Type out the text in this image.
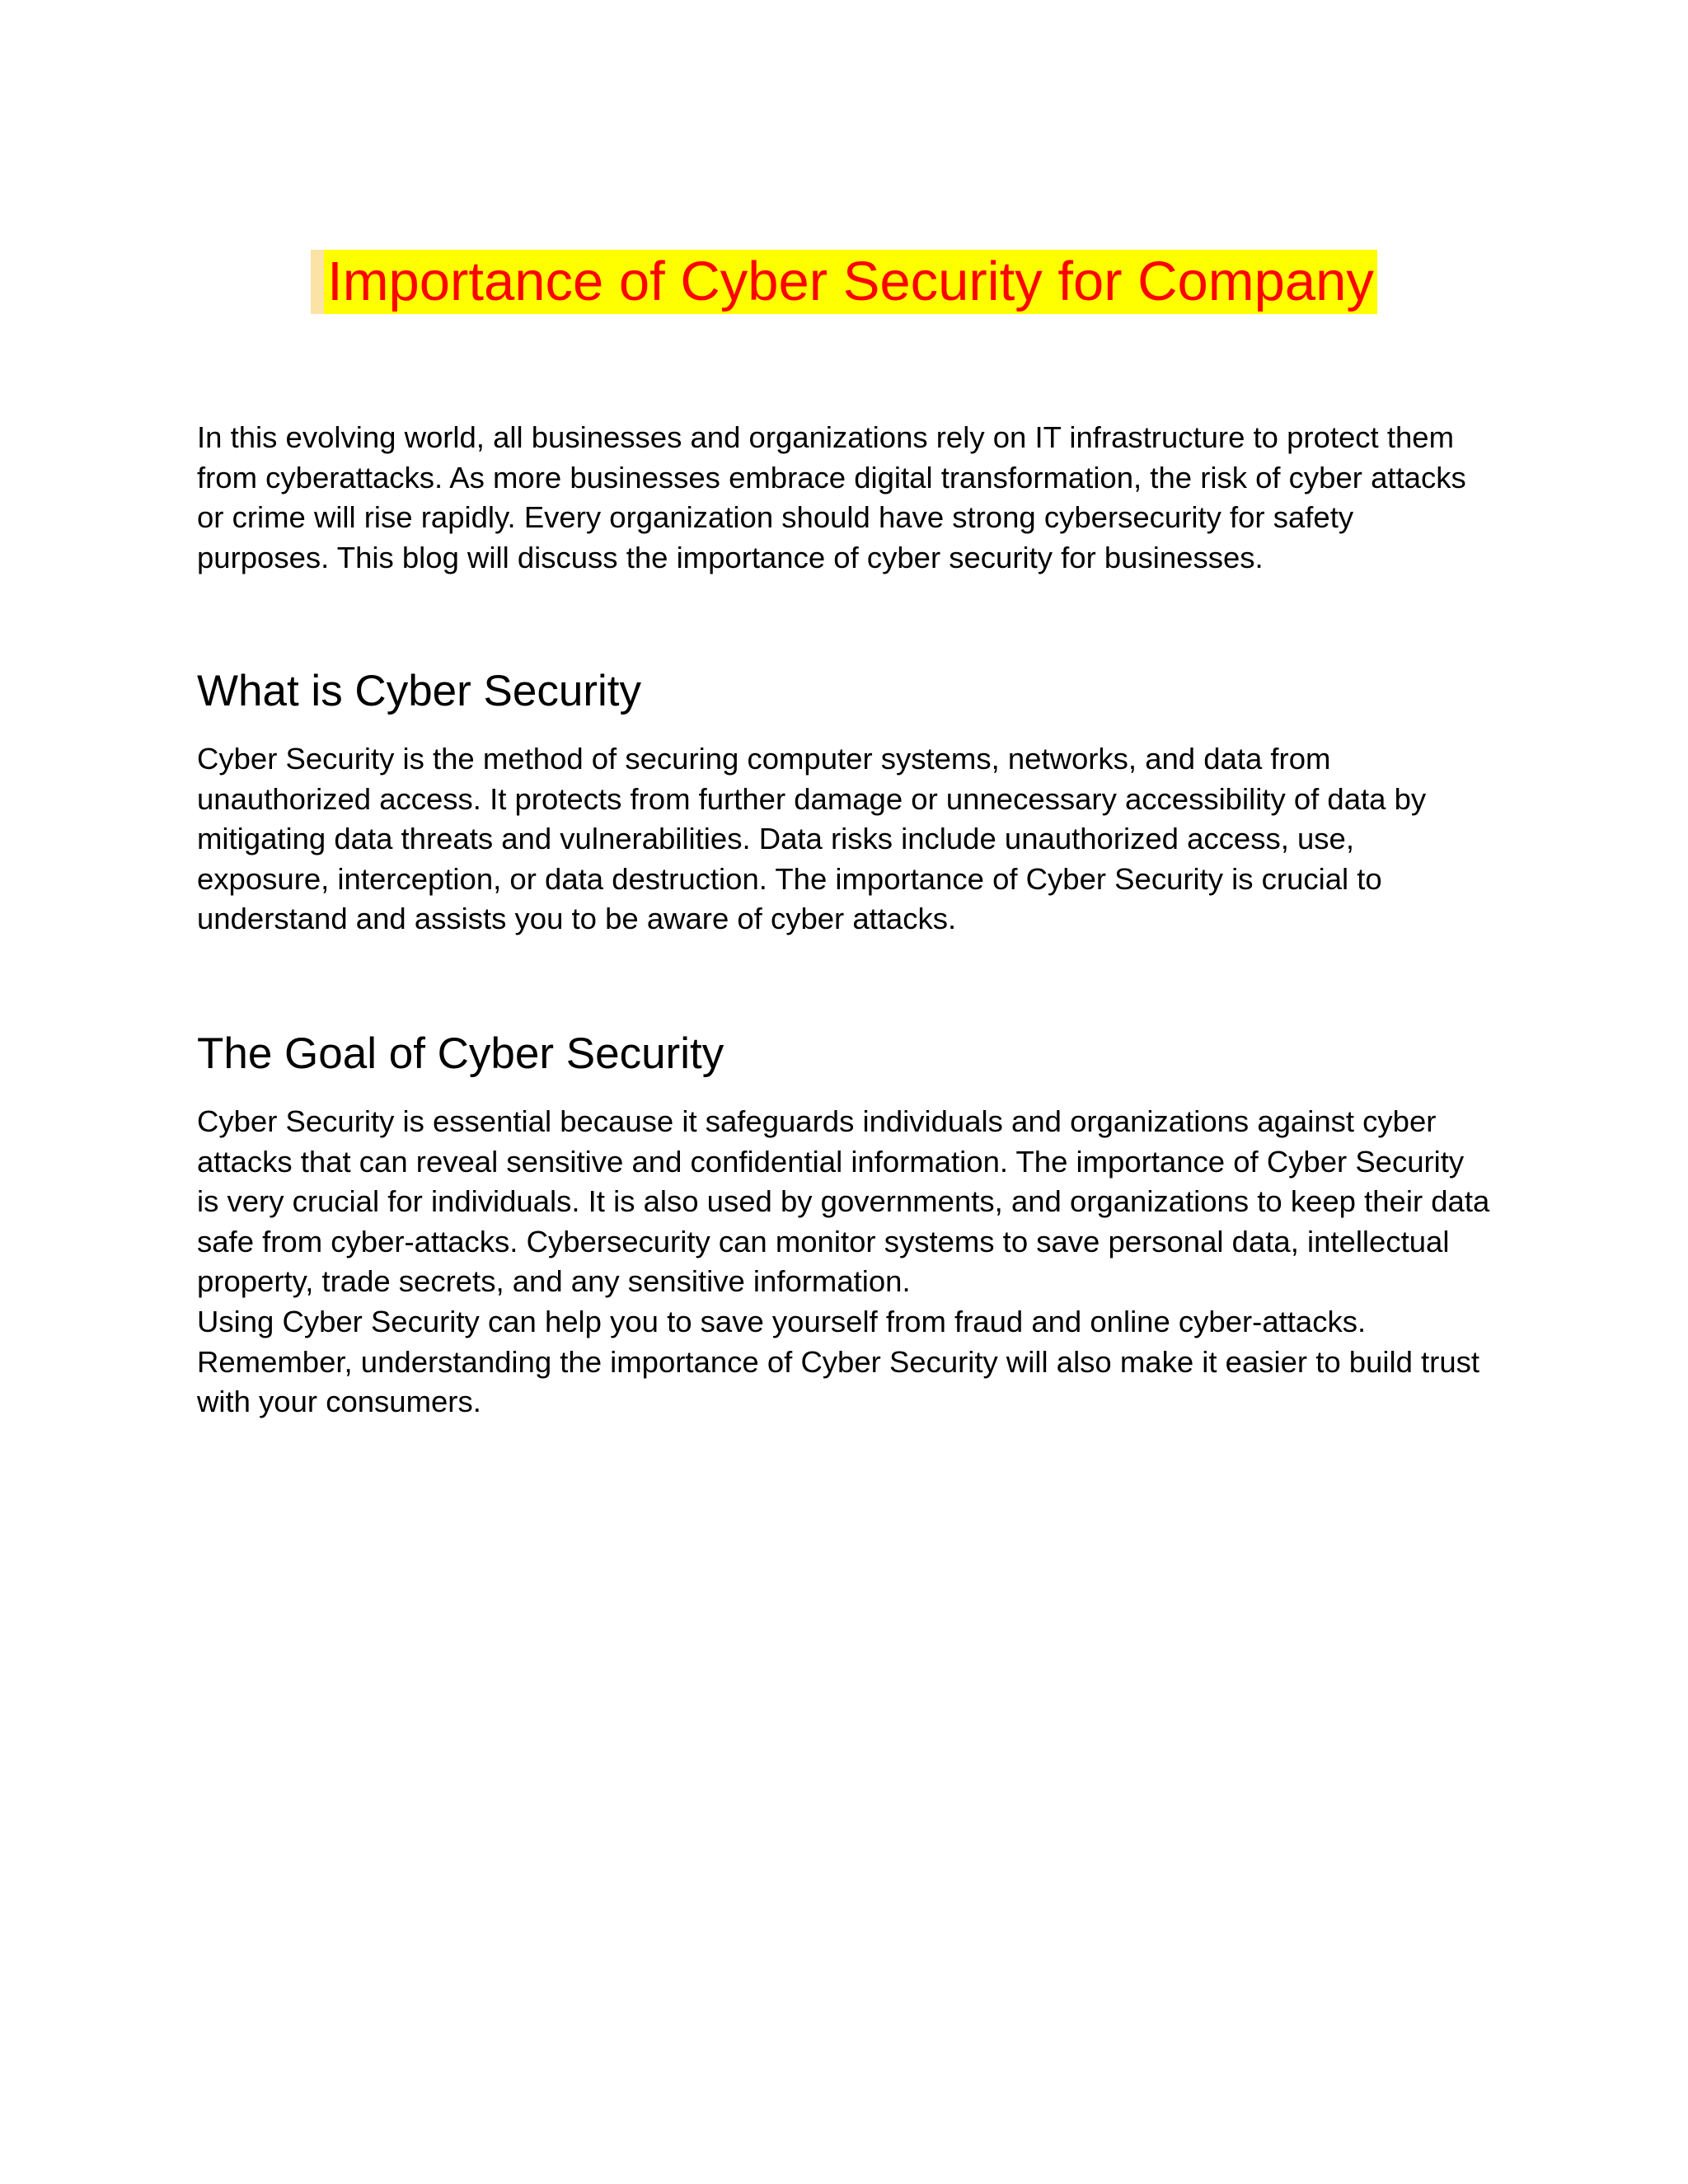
Importance of Cyber Security for Company

In this evolving world, all businesses and organizations rely on IT infrastructure to protect them from cyberattacks. As more businesses embrace digital transformation, the risk of cyber attacks or crime will rise rapidly. Every organization should have strong cybersecurity for safety purposes. This blog will discuss the importance of cyber security for businesses.

What is Cyber Security

Cyber Security is the method of securing computer systems, networks, and data from unauthorized access. It protects from further damage or unnecessary accessibility of data by mitigating data threats and vulnerabilities. Data risks include unauthorized access, use, exposure, interception, or data destruction. The importance of Cyber Security is crucial to understand and assists you to be aware of cyber attacks.

The Goal of Cyber Security

Cyber Security is essential because it safeguards individuals and organizations against cyber attacks that can reveal sensitive and confidential information. The importance of Cyber Security is very crucial for individuals. It is also used by governments, and organizations to keep their data safe from cyber-attacks. Cybersecurity can monitor systems to save personal data, intellectual property, trade secrets, and any sensitive information.

Using Cyber Security can help you to save yourself from fraud and online cyber-attacks. Remember, understanding the importance of Cyber Security will also make it easier to build trust with your consumers.
